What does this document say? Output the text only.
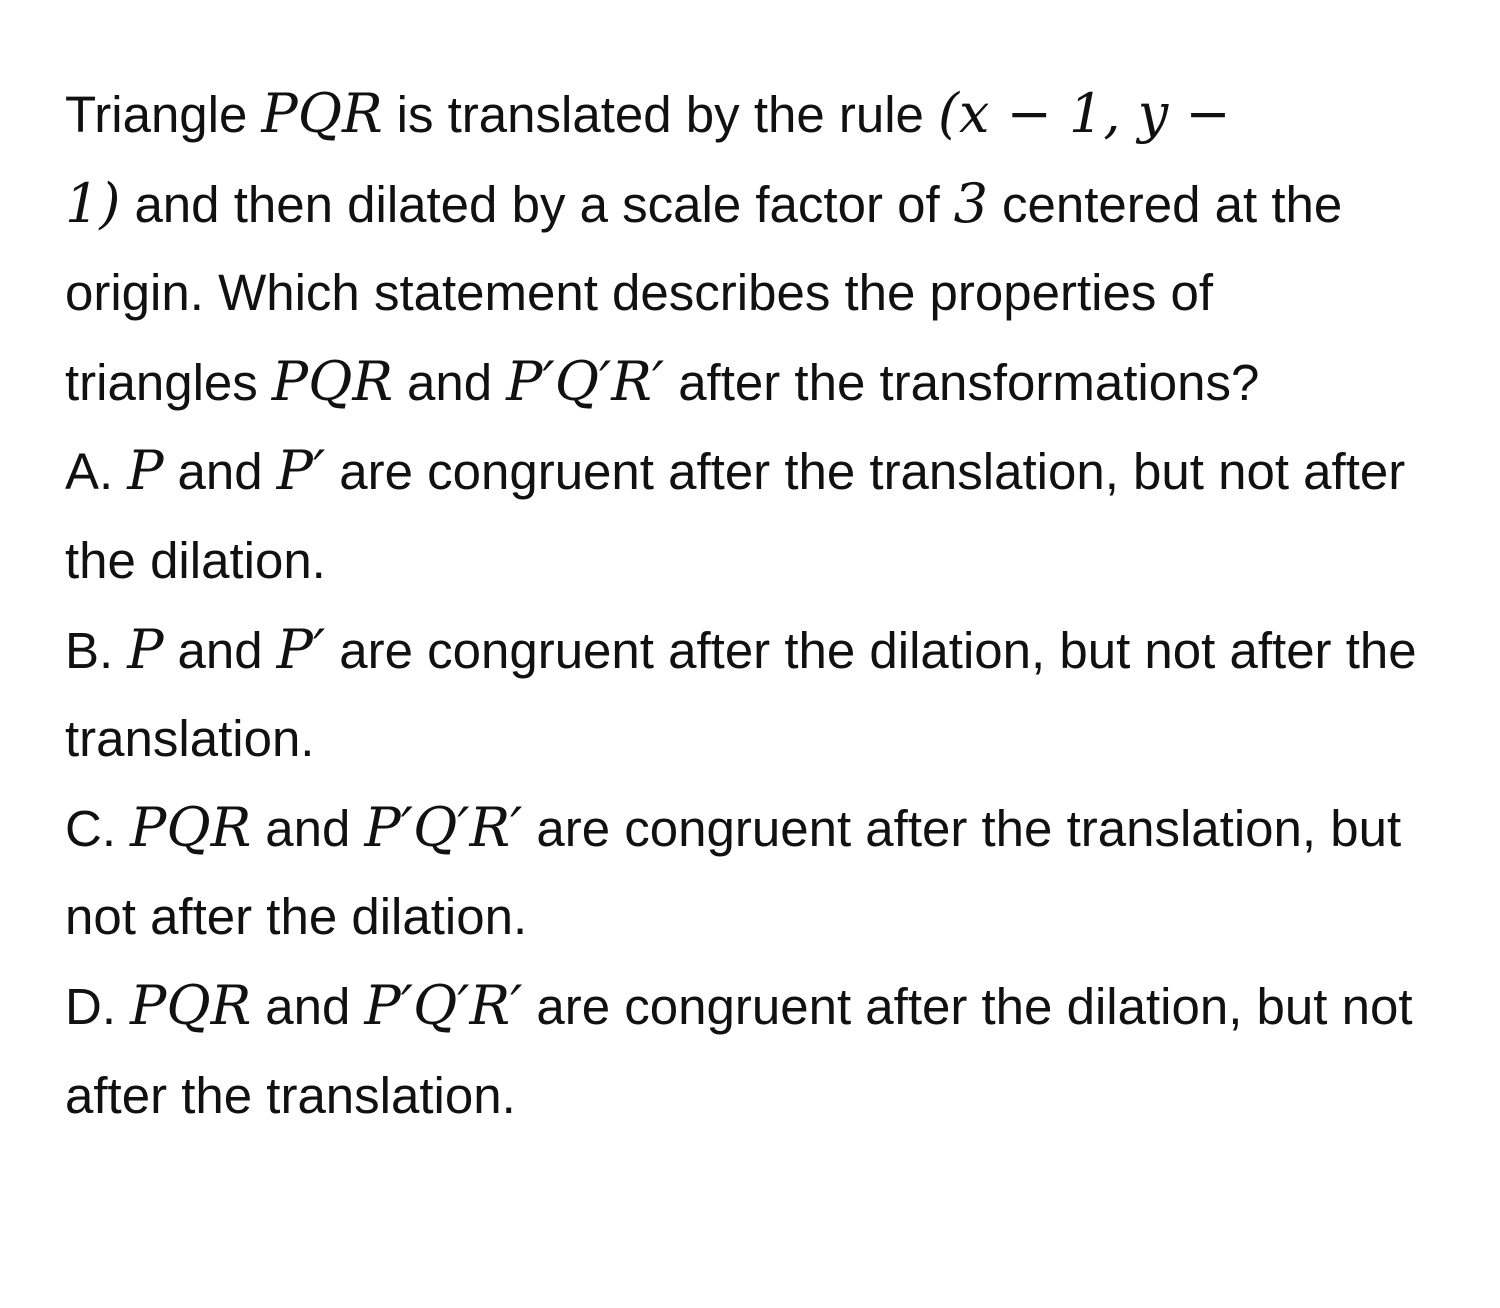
Triangle PQR is translated by the rule (x − 1, y −
1) and then dilated by a scale factor of 3 centered at the origin. Which statement describes the properties of triangles PQR and P′Q′R′ after the transformations?

A. P and P′ are congruent after the translation, but not after the dilation.

B. P and P′ are congruent after the dilation, but not after the translation.

C. PQR and P′Q′R′ are congruent after the translation, but not after the dilation.

D. PQR and P′Q′R′ are congruent after the dilation, but not after the translation.
